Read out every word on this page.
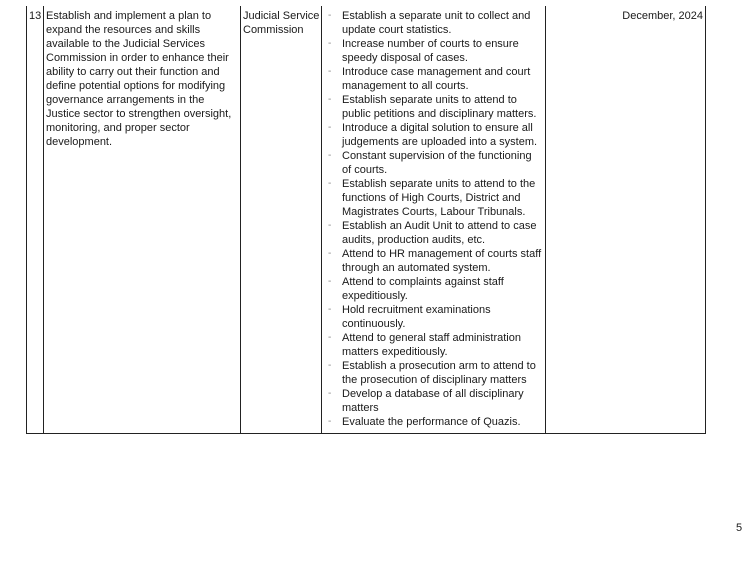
13 Establish and implement a plan to expand the resources and skills available to the Judicial Services Commission in order to enhance their ability to carry out their function and define potential options for modifying governance arrangements in the Justice sector to strengthen oversight, monitoring, and proper sector development.
Judicial Service Commission
- Establish a separate unit to collect and update court statistics.
- Increase number of courts to ensure speedy disposal of cases.
- Introduce case management and court management to all courts.
- Establish separate units to attend to public petitions and disciplinary matters.
- Introduce a digital solution to ensure all judgements are uploaded into a system.
- Constant supervision of the functioning of courts.
- Establish separate units to attend to the functions of High Courts, District and Magistrates Courts, Labour Tribunals.
- Establish an Audit Unit to attend to case audits, production audits, etc.
- Attend to HR management of courts staff through an automated system.
- Attend to complaints against staff expeditiously.
- Hold recruitment examinations continuously.
- Attend to general staff administration matters expeditiously.
- Establish a prosecution arm to attend to the prosecution of disciplinary matters
- Develop a database of all disciplinary matters
- Evaluate the performance of Quazis.
December, 2024
5
